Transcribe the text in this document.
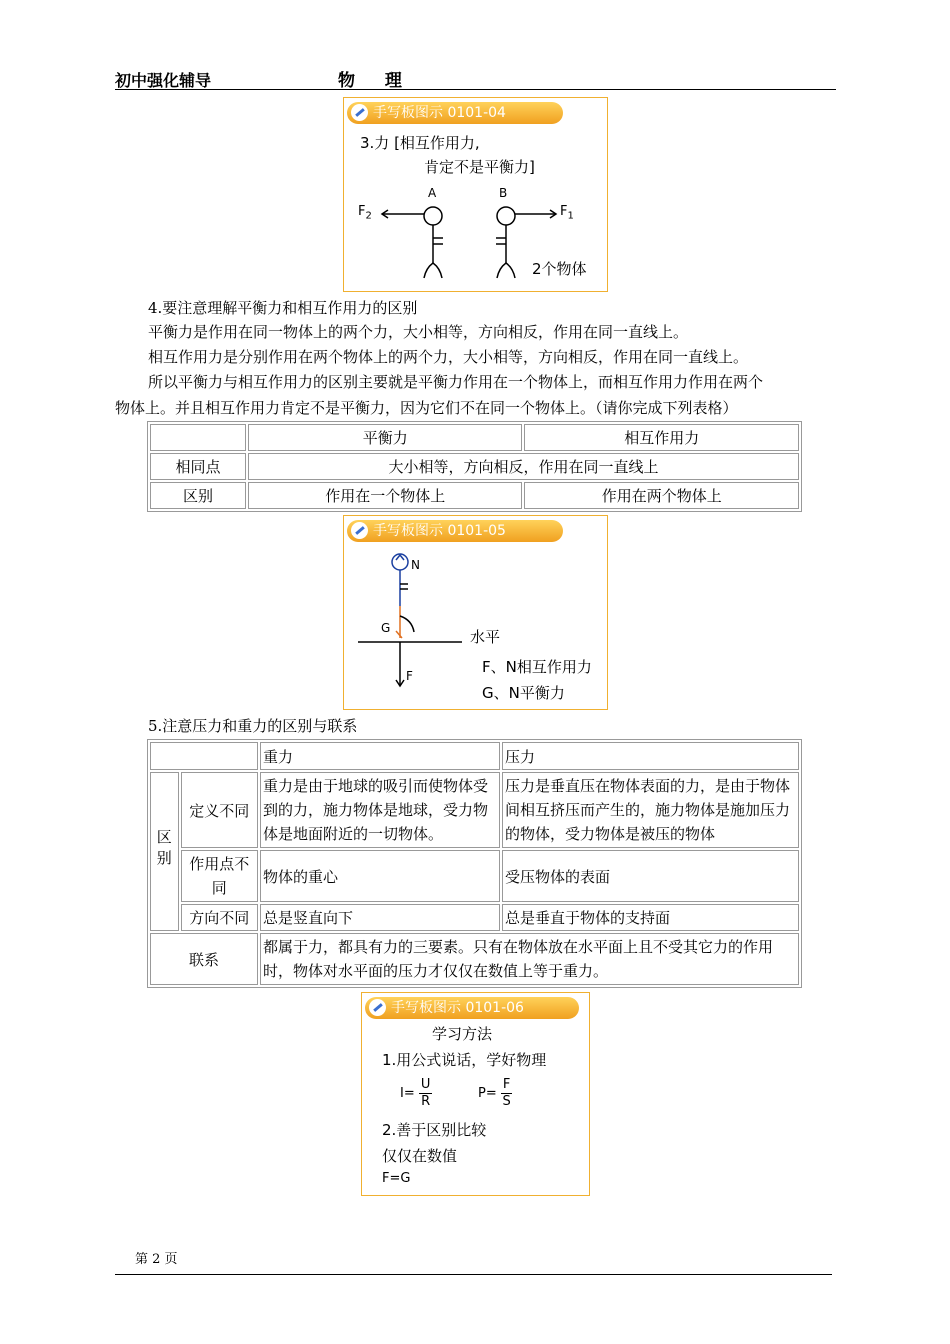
初中强化辅导	物 理
手写板图示 0101-04
3.力 [相互作用力,
肯定不是平衡力]
A	B
$F_2$	$F_1$
2个物体
4.要注意理解平衡力和相互作用力的区别
平衡力是作用在同一物体上的两个力，大小相等，方向相反，作用在同一直线上。
相互作用力是分别作用在两个物体上的两个力，大小相等，方向相反，作用在同一直线上。
所以平衡力与相互作用力的区别主要就是平衡力作用在一个物体上，而相互作用力作用在两个
物体上。并且相互作用力肯定不是平衡力，因为它们不在同一个物体上。（请你完成下列表格）
	平衡力	相互作用力
相同点	大小相等，方向相反，作用在同一直线上	
区别	作用在一个物体上	作用在两个物体上
手写板图示 0101-05
N
G	水平
F	F、N相互作用力
G、N平衡力
5.注意压力和重力的区别与联系
		重力	压力
区别	定义不同	重力是由于地球的吸引而使物体受到的力，施力物体是地球，受力物体是地面附近的一切物体。	压力是垂直压在物体表面的力，是由于物体间相互挤压而产生的，施力物体是施加压力的物体，受力物体是被压的物体
	作用点不同	物体的重心	受压物体的表面
	方向不同	总是竖直向下	总是垂直于物体的支持面
联系		都属于力，都具有力的三要素。只有在物体放在水平面上且不受其它力的作用时，物体对水平面的压力才仅仅在数值上等于重力。	
手写板图示 0101-06
学习方法
1.用公式说话，学好物理
$I= \frac{U}{R}$	$P= \frac{F}{S}$
2.善于区别比较
仅仅在数值
F=G
第 2 页
